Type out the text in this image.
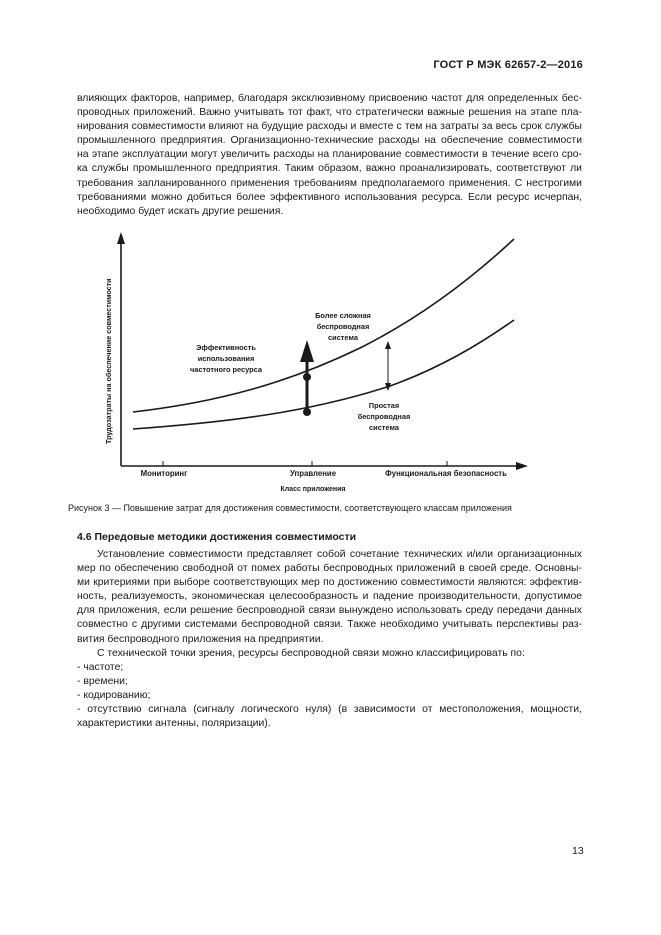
ГОСТ Р МЭК 62657-2—2016
влияющих факторов, например, благодаря эксклюзивному присвоению частот для определенных бес-
проводных приложений. Важно учитывать тот факт, что стратегически важные решения на этапе пла-
нирования совместимости влияют на будущие расходы и вместе с тем на затраты за весь срок службы
промышленного предприятия. Организационно-технические расходы на обеспечение совместимости
на этапе эксплуатации могут увеличить расходы на планирование совместимости в течение всего сро-
ка службы промышленного предприятия. Таким образом, важно проанализировать, соответствуют ли
требования запланированного применения требованиям предполагаемого применения. С нестрогими
требованиями можно добиться более эффективного использования ресурса. Если ресурс исчерпан,
необходимо будет искать другие решения.
Трудозатраты на обеспечение совместимости
Мониторинг	Управление	Функциональная безопасность
Класс приложения
Более сложная
беспроводная
система
Эффективность
использования
частотного ресурса
Простая
беспроводная
система
Рисунок 3 — Повышение затрат для достижения совместимости, соответствующего классам приложения
4.6 Передовые методики достижения совместимости
Установление совместимости представляет собой сочетание технических и/или организационных
мер по обеспечению свободной от помех работы беспроводных приложений в своей среде. Основны-
ми критериями при выборе соответствующих мер по достижению совместимости являются: эффектив-
ность, реализуемость, экономическая целесообразность и падение производительности, допустимое
для приложения, если решение беспроводной связи вынуждено использовать среду передачи данных
совместно с другими системами беспроводной связи. Также необходимо учитывать перспективы раз-
вития беспроводного приложения на предприятии.
С технической точки зрения, ресурсы беспроводной связи можно классифицировать по:
- частоте;
- времени;
- кодированию;
- отсутствию сигнала (сигналу логического нуля) (в зависимости от местоположения, мощности,
характеристики антенны, поляризации).
13
